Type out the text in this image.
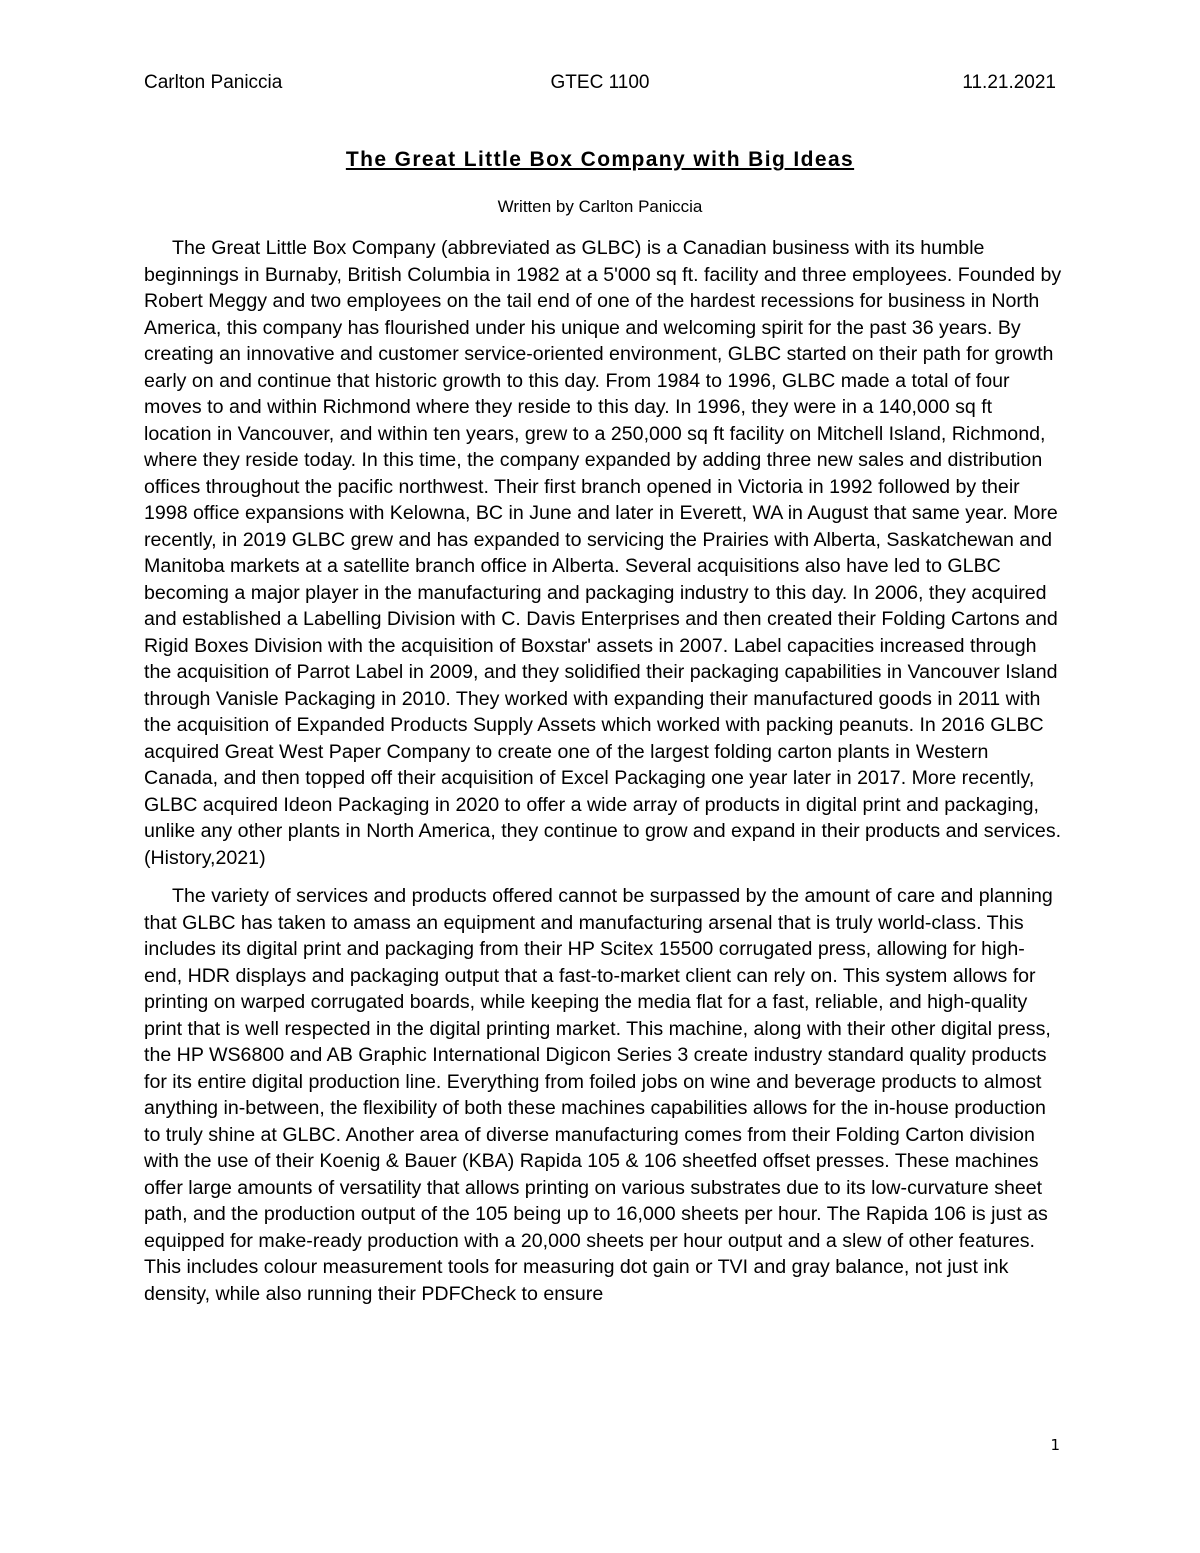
Carlton Paniccia	GTEC 1100	11.21.2021
The Great Little Box Company with Big Ideas

Written by Carlton Paniccia

The Great Little Box Company (abbreviated as GLBC) is a Canadian business with its humble beginnings in Burnaby, British Columbia in 1982 at a 5'000 sq ft. facility and three employees. Founded by Robert Meggy and two employees on the tail end of one of the hardest recessions for business in North America, this company has flourished under his unique and welcoming spirit for the past 36 years. By creating an innovative and customer service-oriented environment, GLBC started on their path for growth early on and continue that historic growth to this day. From 1984 to 1996, GLBC made a total of four moves to and within Richmond where they reside to this day. In 1996, they were in a 140,000 sq ft location in Vancouver, and within ten years, grew to a 250,000 sq ft facility on Mitchell Island, Richmond, where they reside today. In this time, the company expanded by adding three new sales and distribution offices throughout the pacific northwest. Their first branch opened in Victoria in 1992 followed by their 1998 office expansions with Kelowna, BC in June and later in Everett, WA in August that same year. More recently, in 2019 GLBC grew and has expanded to servicing the Prairies with Alberta, Saskatchewan and Manitoba markets at a satellite branch office in Alberta. Several acquisitions also have led to GLBC becoming a major player in the manufacturing and packaging industry to this day. In 2006, they acquired and established a Labelling Division with C. Davis Enterprises and then created their Folding Cartons and Rigid Boxes Division with the acquisition of Boxstar' assets in 2007. Label capacities increased through the acquisition of Parrot Label in 2009, and they solidified their packaging capabilities in Vancouver Island through Vanisle Packaging in 2010. They worked with expanding their manufactured goods in 2011 with the acquisition of Expanded Products Supply Assets which worked with packing peanuts. In 2016 GLBC acquired Great West Paper Company to create one of the largest folding carton plants in Western Canada, and then topped off their acquisition of Excel Packaging one year later in 2017. More recently, GLBC acquired Ideon Packaging in 2020 to offer a wide array of products in digital print and packaging, unlike any other plants in North America, they continue to grow and expand in their products and services. (History,2021)

The variety of services and products offered cannot be surpassed by the amount of care and planning that GLBC has taken to amass an equipment and manufacturing arsenal that is truly world-class. This includes its digital print and packaging from their HP Scitex 15500 corrugated press, allowing for high-end, HDR displays and packaging output that a fast-to-market client can rely on. This system allows for printing on warped corrugated boards, while keeping the media flat for a fast, reliable, and high-quality print that is well respected in the digital printing market. This machine, along with their other digital press, the HP WS6800 and AB Graphic International Digicon Series 3 create industry standard quality products for its entire digital production line. Everything from foiled jobs on wine and beverage products to almost anything in-between, the flexibility of both these machines capabilities allows for the in-house production to truly shine at GLBC. Another area of diverse manufacturing comes from their Folding Carton division with the use of their Koenig & Bauer (KBA) Rapida 105 & 106 sheetfed offset presses. These machines offer large amounts of versatility that allows printing on various substrates due to its low-curvature sheet path, and the production output of the 105 being up to 16,000 sheets per hour. The Rapida 106 is just as equipped for make-ready production with a 20,000 sheets per hour output and a slew of other features. This includes colour measurement tools for measuring dot gain or TVI and gray balance, not just ink density, while also running their PDFCheck to ensure

1
